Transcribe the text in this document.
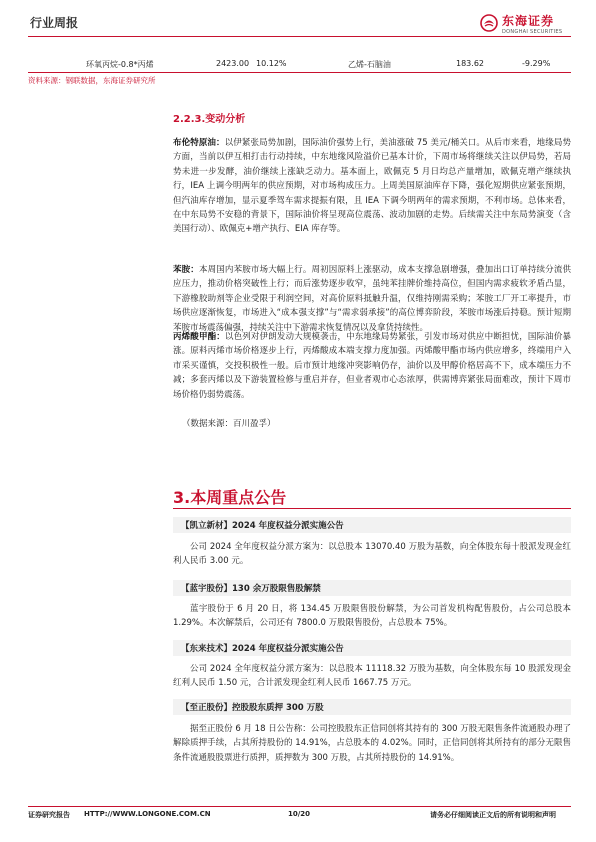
行业周报	东海证券
DONGHAI SECURITIES
环氧丙烷-0.8*丙烯	2423.00 10.12%	乙烯-石脑油	183.62	-9.29%
资料来源：钢联数据，东海证券研究所
2.2.3.变动分析
布伦特原油：以伊紧张局势加剧，国际油价强势上行，美油涨破 75 美元/桶关口。从后市来看，地缘局势方面，当前以伊互相打击行动持续，中东地缘风险溢价已基本计价，下周市场将继续关注以伊局势，若局势未进一步发酵，油价继续上涨缺乏动力。基本面上，欧佩克 5 月日均总产量增加，欧佩克增产继续执行，IEA 上调今明两年的供应预期，对市场构成压力。上周美国原油库存下降，强化短期供应紧张预期，但汽油库存增加，显示夏季驾车需求提振有限，且 IEA 下调今明两年的需求预期，不利市场。总体来看，在中东局势不安稳的背景下，国际油价将呈现高位震荡、波动加剧的走势。后续需关注中东局势演变（含美国行动）、欧佩克+增产执行、EIA 库存等。
苯胺：本周国内苯胺市场大幅上行。周初因原料上涨驱动，成本支撑急剧增强，叠加出口订单持续分流供应压力，推动价格突破性上行；而后涨势逐步收窄，虽纯苯挂牌价维持高位，但国内需求疲软矛盾凸显，下游橡胶助剂等企业受限于利润空间，对高价原料抵触升温，仅维持刚需采购；苯胺工厂开工率提升，市场供应逐渐恢复，市场进入“成本强支撑”与“需求弱承接”的高位博弈阶段，苯胺市场涨后持稳。预计短期苯胺市场震荡偏强，持续关注中下游需求恢复情况以及拿货持续性。
丙烯酸甲酯：以色列对伊朗发动大规模袭击，中东地缘局势紧张，引发市场对供应中断担忧，国际油价暴涨。原料丙烯市场价格逐步上行，丙烯酸成本端支撑力度加强。丙烯酸甲酯市场内供应增多，终端用户入市采买谨慎，交投积极性一般。后市预计地缘冲突影响仍存，油价以及甲醇价格居高不下，成本端压力不减；多套丙烯以及下游装置检修与重启并存，但业者观市心态浓厚，供需博弈紧张局面难改，预计下周市场价格仍弱势震荡。
（数据来源：百川盈孚）
3.本周重点公告
【凯立新材】2024 年度权益分派实施公告
公司 2024 全年度权益分派方案为：以总股本 13070.40 万股为基数，向全体股东每十股派发现金红利人民币 3.00 元。
【蓝宇股份】130 余万股限售股解禁
蓝宇股份于 6 月 20 日，将 134.45 万股限售股份解禁，为公司首发机构配售股份，占公司总股本 1.29%。本次解禁后，公司还有 7800.0 万股限售股份，占总股本 75%。
【东来技术】2024 年度权益分派实施公告
公司 2024 全年度权益分派方案为：以总股本 11118.32 万股为基数，向全体股东每 10 股派发现金红利人民币 1.50 元，合计派发现金红利人民币 1667.75 万元。
【至正股份】控股股东质押 300 万股
据至正股份 6 月 18 日公告称：公司控股股东正信同创将其持有的 300 万股无限售条件流通股办理了解除质押手续，占其所持股份的 14.91%，占总股本的 4.02%。同时，正信同创将其所持有的部分无限售条件流通股股票进行质押，质押数为 300 万股，占其所持股份的 14.91%。
证券研究报告 HTTP://WWW.LONGONE.COM.CN	10/20	请务必仔细阅读正文后的所有说明和声明
